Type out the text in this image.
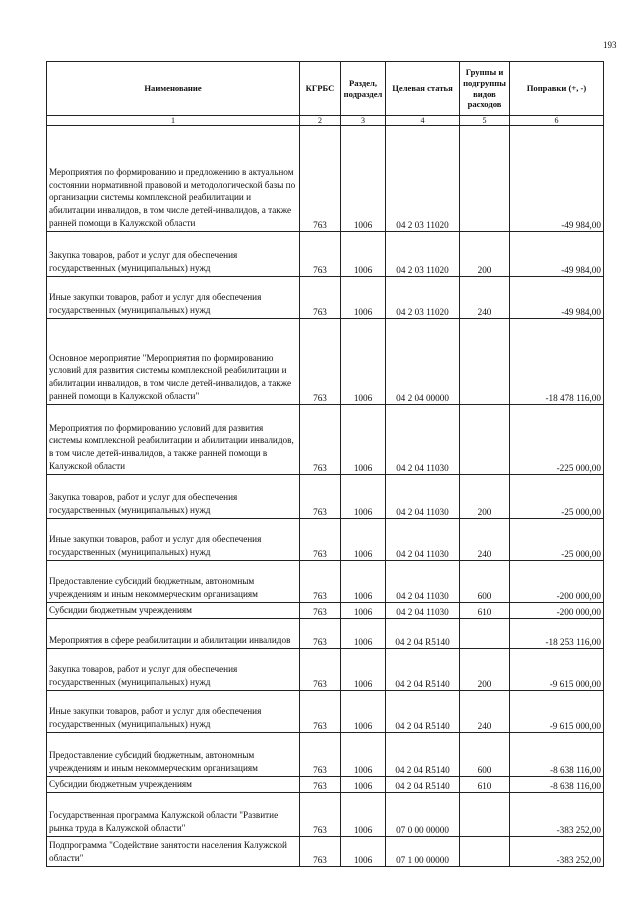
193
Наименование	КГРБС	Раздел, подраздел	Целевая статья	Группы и подгруппы видов расходов	Поправки (+, -)
1	2	3	4	5	6
Мероприятия по формированию и предложению в актуальном состоянии нормативной правовой и методологической базы по организации системы комплексной реабилитации и абилитации инвалидов, в том числе детей-инвалидов, а также ранней помощи в Калужской области	763	1006	04 2 03 11020		-49 984,00
Закупка товаров, работ и услуг для обеспечения государственных (муниципальных) нужд	763	1006	04 2 03 11020	200	-49 984,00
Иные закупки товаров, работ и услуг для обеспечения государственных (муниципальных) нужд	763	1006	04 2 03 11020	240	-49 984,00
Основное мероприятие "Мероприятия по формированию условий для развития системы комплексной реабилитации и абилитации инвалидов, в том числе детей-инвалидов, а также ранней помощи в Калужской области"	763	1006	04 2 04 00000		-18 478 116,00
Мероприятия по формированию условий для развития системы комплексной реабилитации и абилитации инвалидов, в том числе детей-инвалидов, а также ранней помощи в Калужской области	763	1006	04 2 04 11030		-225 000,00
Закупка товаров, работ и услуг для обеспечения государственных (муниципальных) нужд	763	1006	04 2 04 11030	200	-25 000,00
Иные закупки товаров, работ и услуг для обеспечения государственных (муниципальных) нужд	763	1006	04 2 04 11030	240	-25 000,00
Предоставление субсидий бюджетным, автономным учреждениям и иным некоммерческим организациям	763	1006	04 2 04 11030	600	-200 000,00
Субсидии бюджетным учреждениям	763	1006	04 2 04 11030	610	-200 000,00
Мероприятия в сфере реабилитации и абилитации инвалидов	763	1006	04 2 04 R5140		-18 253 116,00
Закупка товаров, работ и услуг для обеспечения государственных (муниципальных) нужд	763	1006	04 2 04 R5140	200	-9 615 000,00
Иные закупки товаров, работ и услуг для обеспечения государственных (муниципальных) нужд	763	1006	04 2 04 R5140	240	-9 615 000,00
Предоставление субсидий бюджетным, автономным учреждениям и иным некоммерческим организациям	763	1006	04 2 04 R5140	600	-8 638 116,00
Субсидии бюджетным учреждениям	763	1006	04 2 04 R5140	610	-8 638 116,00
Государственная программа Калужской области "Развитие рынка труда в Калужской области"	763	1006	07 0 00 00000		-383 252,00
Подпрограмма "Содействие занятости населения Калужской области"	763	1006	07 1 00 00000		-383 252,00
